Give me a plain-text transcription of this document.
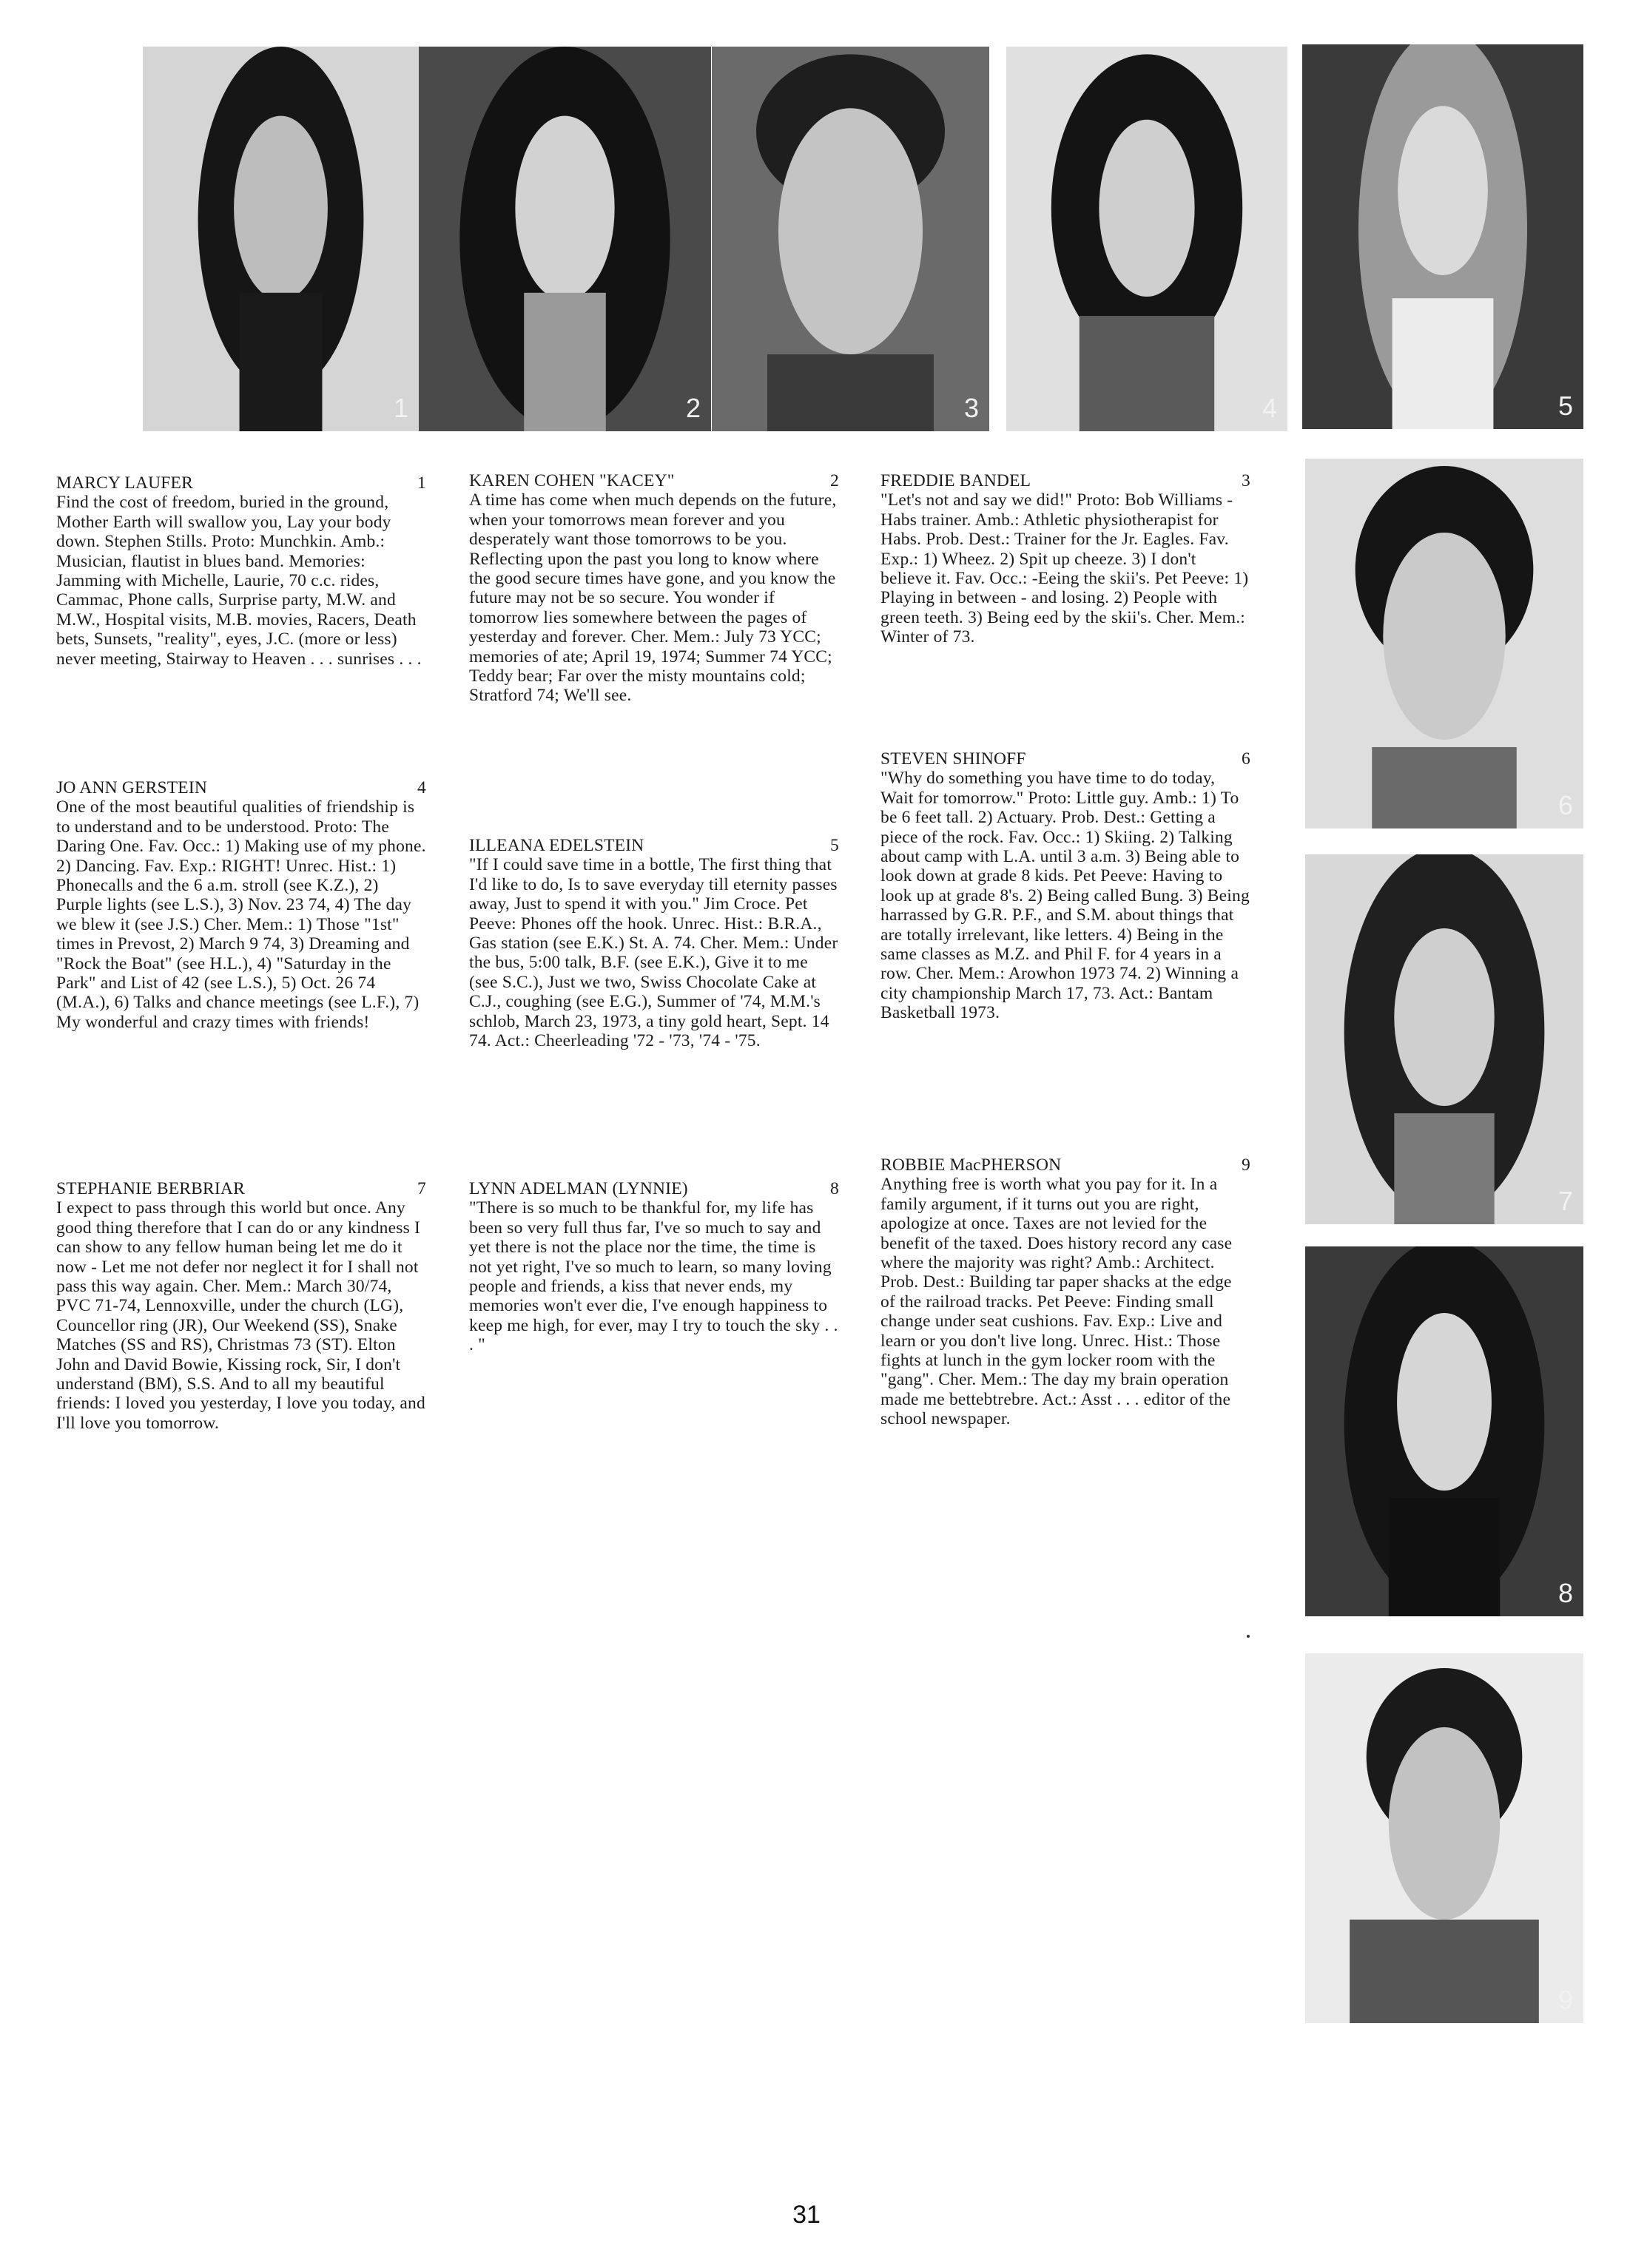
1	2	3	4	5
6
7
8
9
MARCY LAUFER	1

Find the cost of freedom, buried in the ground, Mother Earth will swallow you, Lay your body down. Stephen Stills. Proto: Munchkin. Amb.: Musician, flautist in blues band. Memories: Jamming with Michelle, Laurie, 70 c.c. rides, Cammac, Phone calls, Surprise party, M.W. and M.W., Hospital visits, M.B. movies, Racers, Death bets, Sunsets, "reality", eyes, J.C. (more or less) never meeting, Stairway to Heaven . . . sunrises . . .

JO ANN GERSTEIN	4

One of the most beautiful qualities of friendship is to understand and to be understood. Proto: The Daring One. Fav. Occ.: 1) Making use of my phone. 2) Dancing. Fav. Exp.: RIGHT! Unrec. Hist.: 1) Phonecalls and the 6 a.m. stroll (see K.Z.), 2) Purple lights (see L.S.), 3) Nov. 23 74, 4) The day we blew it (see J.S.) Cher. Mem.: 1) Those "1st" times in Prevost, 2) March 9 74, 3) Dreaming and "Rock the Boat" (see H.L.), 4) "Saturday in the Park" and List of 42 (see L.S.), 5) Oct. 26 74 (M.A.), 6) Talks and chance meetings (see L.F.), 7) My wonderful and crazy times with friends!

STEPHANIE BERBRIAR	7

I expect to pass through this world but once. Any good thing therefore that I can do or any kindness I can show to any fellow human being let me do it now - Let me not defer nor neglect it for I shall not pass this way again. Cher. Mem.: March 30/74, PVC 71-74, Lennoxville, under the church (LG), Councellor ring (JR), Our Weekend (SS), Snake Matches (SS and RS), Christmas 73 (ST). Elton John and David Bowie, Kissing rock, Sir, I don't understand (BM), S.S. And to all my beautiful friends: I loved you yesterday, I love you today, and I'll love you tomorrow.

KAREN COHEN "KACEY"	2

A time has come when much depends on the future, when your tomorrows mean forever and you desperately want those tomorrows to be you. Reflecting upon the past you long to know where the good secure times have gone, and you know the future may not be so secure. You wonder if tomorrow lies somewhere between the pages of yesterday and forever. Cher. Mem.: July 73 YCC; memories of ate; April 19, 1974; Summer 74 YCC; Teddy bear; Far over the misty mountains cold; Stratford 74; We'll see.

ILLEANA EDELSTEIN	5

"If I could save time in a bottle, The first thing that I'd like to do, Is to save everyday till eternity passes away, Just to spend it with you." Jim Croce. Pet Peeve: Phones off the hook. Unrec. Hist.: B.R.A., Gas station (see E.K.) St. A. 74. Cher. Mem.: Under the bus, 5:00 talk, B.F. (see E.K.), Give it to me (see S.C.), Just we two, Swiss Chocolate Cake at C.J., coughing (see E.G.), Summer of '74, M.M.'s schlob, March 23, 1973, a tiny gold heart, Sept. 14 74. Act.: Cheerleading '72 - '73, '74 - '75.

LYNN ADELMAN (LYNNIE)	8

"There is so much to be thankful for, my life has been so very full thus far, I've so much to say and yet there is not the place nor the time, the time is not yet right, I've so much to learn, so many loving people and friends, a kiss that never ends, my memories won't ever die, I've enough happiness to keep me high, for ever, may I try to touch the sky . . . "

FREDDIE BANDEL	3

"Let's not and say we did!" Proto: Bob Williams - Habs trainer. Amb.: Athletic physiotherapist for Habs. Prob. Dest.: Trainer for the Jr. Eagles. Fav. Exp.: 1) Wheez. 2) Spit up cheeze. 3) I don't believe it. Fav. Occ.: -Eeing the skii's. Pet Peeve: 1) Playing in between - and losing. 2) People with green teeth. 3) Being eed by the skii's. Cher. Mem.: Winter of 73.

STEVEN SHINOFF	6

"Why do something you have time to do today, Wait for tomorrow." Proto: Little guy. Amb.: 1) To be 6 feet tall. 2) Actuary. Prob. Dest.: Getting a piece of the rock. Fav. Occ.: 1) Skiing. 2) Talking about camp with L.A. until 3 a.m. 3) Being able to look down at grade 8 kids. Pet Peeve: Having to look up at grade 8's. 2) Being called Bung. 3) Being harrassed by G.R. P.F., and S.M. about things that are totally irrelevant, like letters. 4) Being in the same classes as M.Z. and Phil F. for 4 years in a row. Cher. Mem.: Arowhon 1973 74. 2) Winning a city championship March 17, 73. Act.: Bantam Basketball 1973.

ROBBIE MacPHERSON	9

Anything free is worth what you pay for it. In a family argument, if it turns out you are right, apologize at once. Taxes are not levied for the benefit of the taxed. Does history record any case where the majority was right? Amb.: Architect. Prob. Dest.: Building tar paper shacks at the edge of the railroad tracks. Pet Peeve: Finding small change under seat cushions. Fav. Exp.: Live and learn or you don't live long. Unrec. Hist.: Those fights at lunch in the gym locker room with the "gang". Cher. Mem.: The day my brain operation made me bettebtrebre. Act.: Asst . . . editor of the school newspaper.

31
